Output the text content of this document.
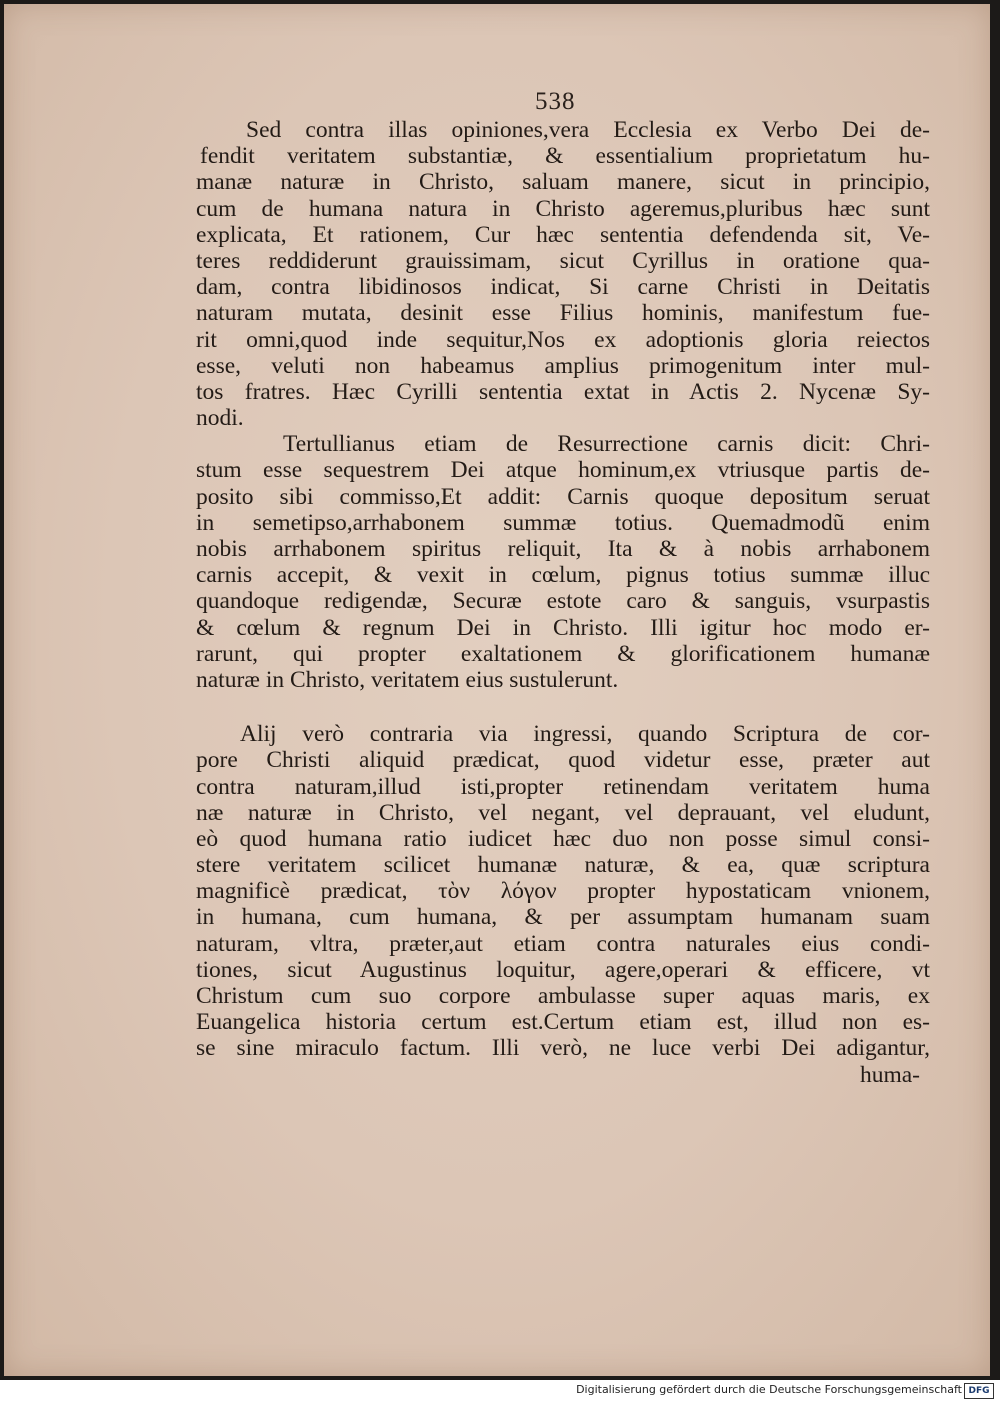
538
Sed contra illas opiniones,vera Ecclesia ex Verbo Dei de-
fendit veritatem substantiæ, & essentialium proprietatum hu-
manæ naturæ in Christo, saluam manere, sicut in principio,
cum de humana natura in Christo ageremus,pluribus hæc sunt
explicata, Et rationem, Cur hæc sententia defendenda sit, Ve-
teres reddiderunt grauissimam, sicut Cyrillus in oratione qua-
dam, contra libidinosos indicat, Si carne Christi in Deitatis
naturam mutata, desinit esse Filius hominis, manifestum fue-
rit omni,quod inde sequitur,Nos ex adoptionis gloria reiectos
esse, veluti non habeamus amplius primogenitum inter mul-
tos fratres. Hæc Cyrilli sententia extat in Actis 2. Nycenæ Sy-
nodi.
Tertullianus etiam de Resurrectione carnis dicit: Chri-
stum esse sequestrem Dei atque hominum,ex vtriusque partis de-
posito sibi commisso,Et addit: Carnis quoque depositum seruat
in semetipso,arrhabonem summæ totius. Quemadmodũ enim
nobis arrhabonem spiritus reliquit, Ita & à nobis arrhabonem
carnis accepit, & vexit in cœlum, pignus totius summæ illuc
quandoque redigendæ, Securæ estote caro & sanguis, vsurpastis
& cœlum & regnum Dei in Christo. Illi igitur hoc modo er-
rarunt, qui propter exaltationem & glorificationem humanæ
naturæ in Christo, veritatem eius sustulerunt.
Alij verò contraria via ingressi, quando Scriptura de cor-
pore Christi aliquid prædicat, quod videtur esse, præter aut
contra naturam,illud isti,propter retinendam veritatem huma
næ naturæ in Christo, vel negant, vel deprauant, vel eludunt,
eò quod humana ratio iudicet hæc duo non posse simul consi-
stere veritatem scilicet humanæ naturæ, & ea, quæ scriptura
magnificè prædicat, τὸν λόγον propter hypostaticam vnionem,
in humana, cum humana, & per assumptam humanam suam
naturam, vltra, præter,aut etiam contra naturales eius condi-
tiones, sicut Augustinus loquitur, agere,operari & efficere, vt
Christum cum suo corpore ambulasse super aquas maris, ex
Euangelica historia certum est.Certum etiam est, illud non es-
se sine miraculo factum. Illi verò, ne luce verbi Dei adigantur,
huma-
Digitalisierung gefördert durch die Deutsche Forschungsgemeinschaft DFG
